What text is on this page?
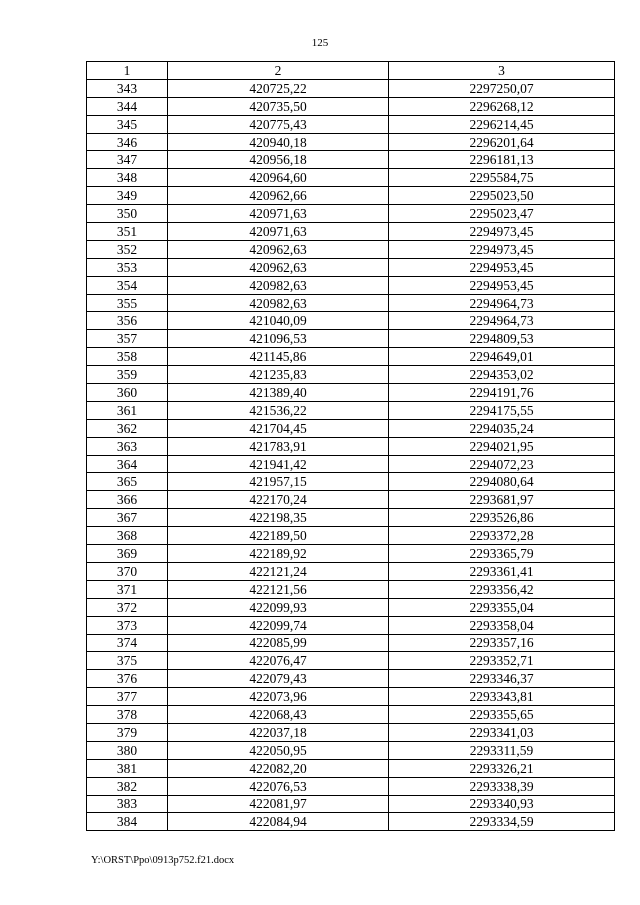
125
1	2	3
343	420725,22	2297250,07
344	420735,50	2296268,12
345	420775,43	2296214,45
346	420940,18	2296201,64
347	420956,18	2296181,13
348	420964,60	2295584,75
349	420962,66	2295023,50
350	420971,63	2295023,47
351	420971,63	2294973,45
352	420962,63	2294973,45
353	420962,63	2294953,45
354	420982,63	2294953,45
355	420982,63	2294964,73
356	421040,09	2294964,73
357	421096,53	2294809,53
358	421145,86	2294649,01
359	421235,83	2294353,02
360	421389,40	2294191,76
361	421536,22	2294175,55
362	421704,45	2294035,24
363	421783,91	2294021,95
364	421941,42	2294072,23
365	421957,15	2294080,64
366	422170,24	2293681,97
367	422198,35	2293526,86
368	422189,50	2293372,28
369	422189,92	2293365,79
370	422121,24	2293361,41
371	422121,56	2293356,42
372	422099,93	2293355,04
373	422099,74	2293358,04
374	422085,99	2293357,16
375	422076,47	2293352,71
376	422079,43	2293346,37
377	422073,96	2293343,81
378	422068,43	2293355,65
379	422037,18	2293341,03
380	422050,95	2293311,59
381	422082,20	2293326,21
382	422076,53	2293338,39
383	422081,97	2293340,93
384	422084,94	2293334,59
Y:\ORST\Ppo\0913p752.f21.docx
